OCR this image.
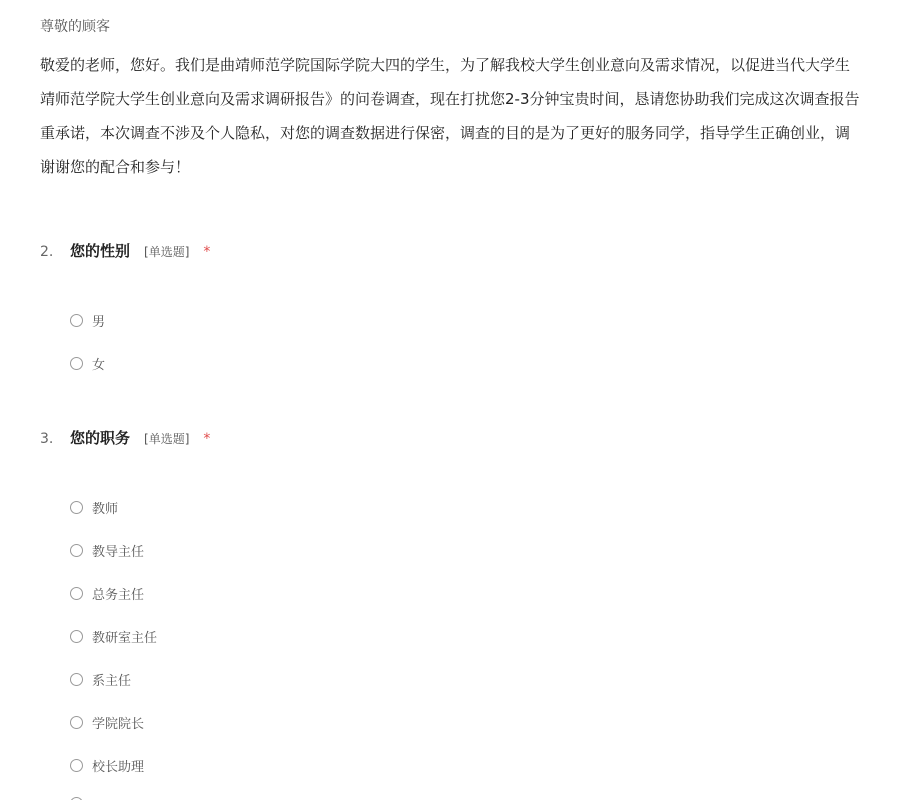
尊敬的顾客
敬爱的老师，您好。我们是曲靖师范学院国际学院大四的学生，为了解我校大学生创业意向及需求情况，以促进当代大学生
靖师范学院大学生创业意向及需求调研报告》的问卷调查，现在打扰您2-3分钟宝贵时间，恳请您协助我们完成这次调查报告
重承诺，本次调查不涉及个人隐私，对您的调查数据进行保密，调查的目的是为了更好的服务同学，指导学生正确创业，调
谢谢您的配合和参与！
2.	您的性别 [单选题] *
男
女
3.	您的职务 [单选题] *
教师
教导主任
总务主任
教研室主任
系主任
学院院长
校长助理
